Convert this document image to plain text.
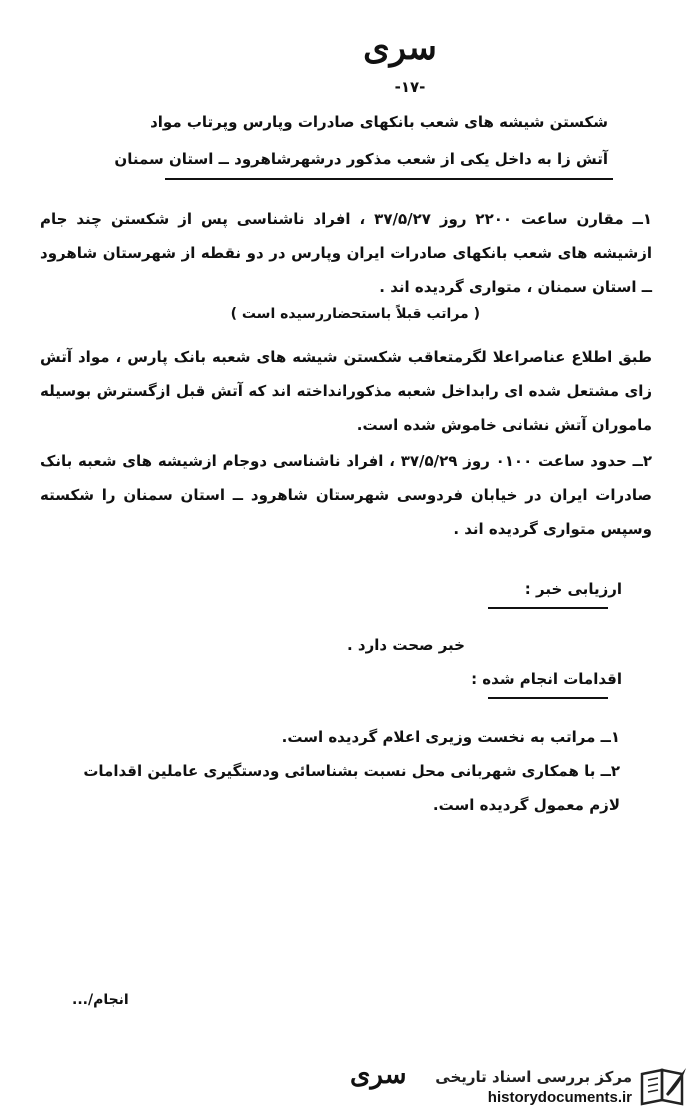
سری
-۱۷-
شکستن شیشه های شعب بانکهای صادرات وپارس وپرتاب مواد
آتش زا به داخل یکی از شعب مذکور درشهرشاهرود ــ استان سمنان
۱ــ مقارن ساعت ۲۲۰۰ روز ۳۷/۵/۲۷ ، افراد ناشناسی پس از شکستن چند جام ازشیشه های شعب بانکهای صادرات ایران وپارس در دو نقطه از شهرستان شاهرود ــ استان سمنان ، متواری گردیده اند .
( مراتب قبلاً باستحضاررسیده است )
طبق اطلاع عناصراعلا لگرمتعاقب شکستن شیشه های شعبه بانک پارس ، مواد آتش زای مشتعل شده ای رابداخل شعبه مذکورانداخته اند که آتش قبل ازگسترش بوسیله ماموران آتش نشانی خاموش شده است.
۲ــ حدود ساعت ۰۱۰۰ روز ۳۷/۵/۲۹ ، افراد ناشناسی دوجام ازشیشه های شعبه بانک صادرات ایران در خیابان فردوسی شهرستان شاهرود ــ استان سمنان را شکسته وسپس متواری گردیده اند .
ارزیابی خبر :
خبر صحت دارد .
اقدامات انجام شده :
۱ــ مراتب به نخست وزیری اعلام گردیده است.
۲ــ با همکاری شهربانی محل نسبت بشناسائی ودستگیری عاملین اقدامات لازم معمول گردیده است.
انجام/...
سری مرکز بررسی اسناد تاریخی
historydocuments.ir
